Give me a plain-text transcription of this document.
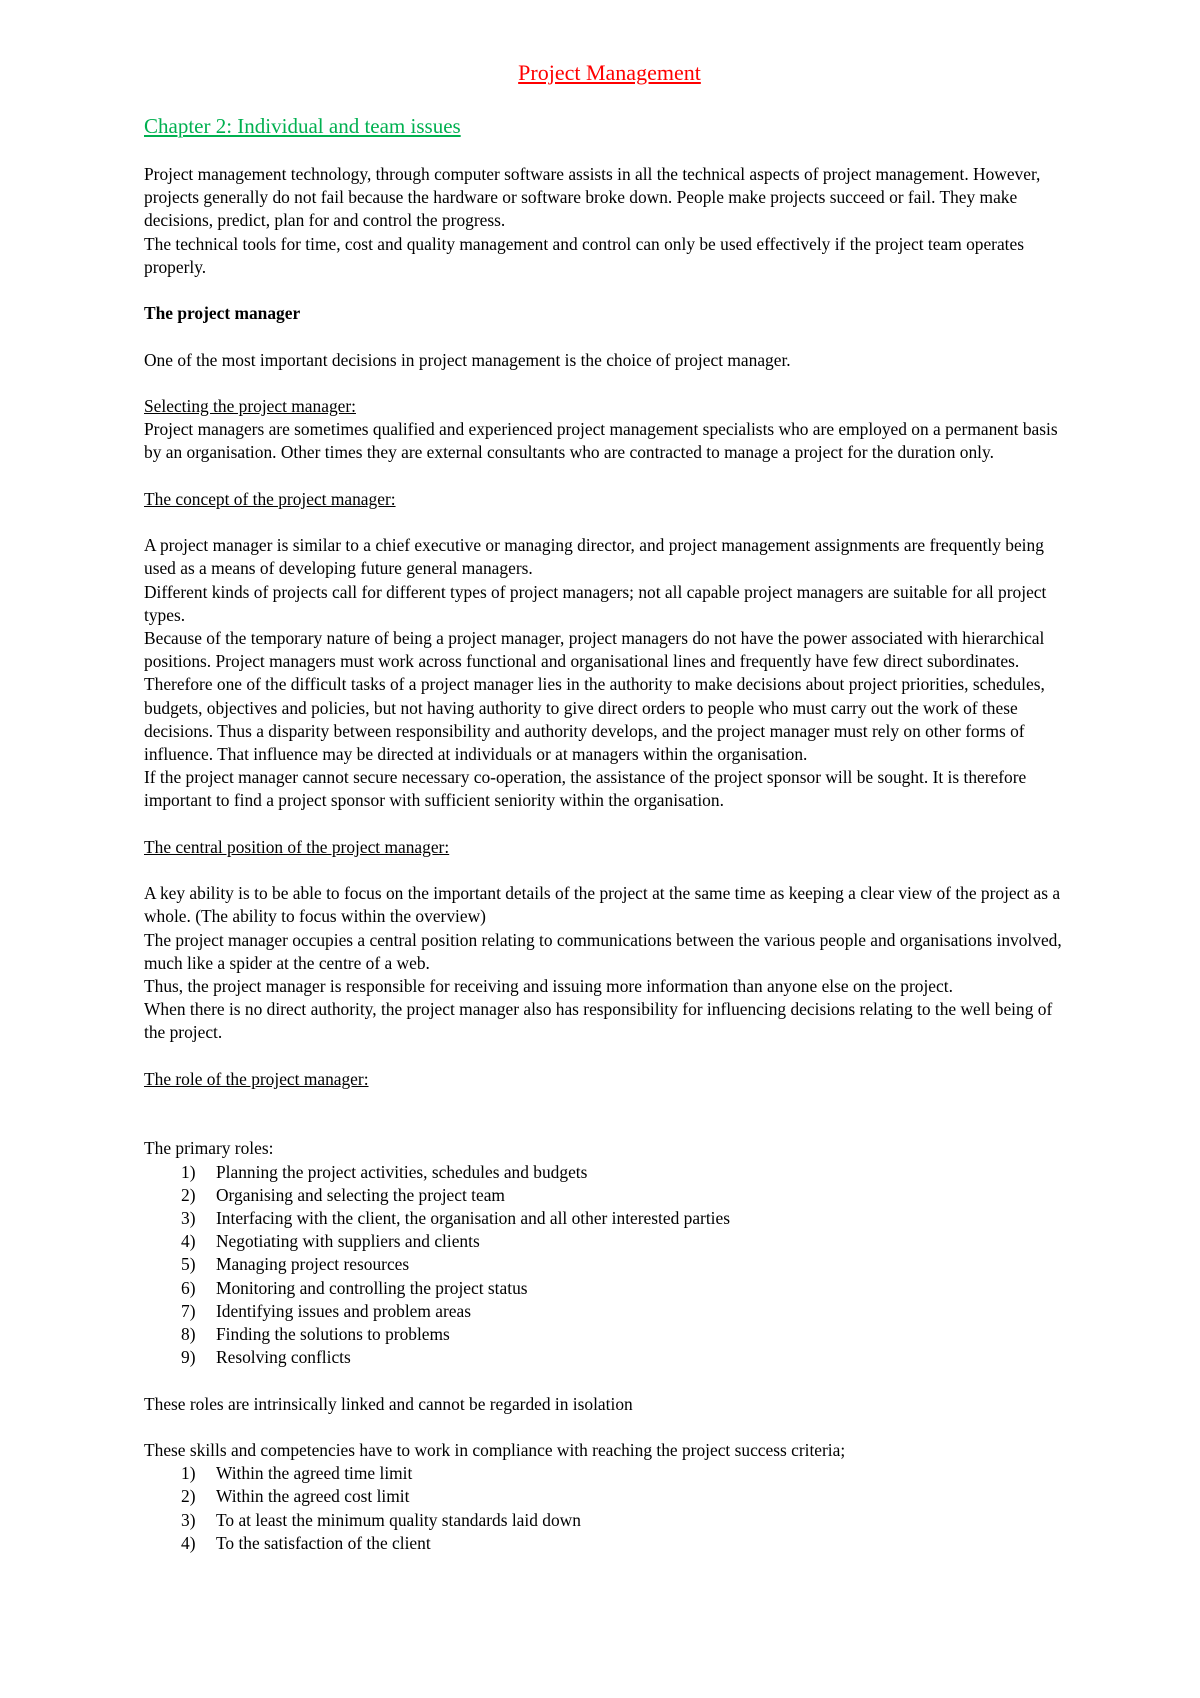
Project Management
Chapter 2: Individual and team issues

Project management technology, through computer software assists in all the technical aspects of project management. However, projects generally do not fail because the hardware or software broke down. People make projects succeed or fail. They make decisions, predict, plan for and control the progress.

The technical tools for time, cost and quality management and control can only be used effectively if the project team operates properly.

The project manager

One of the most important decisions in project management is the choice of project manager.

Selecting the project manager:

Project managers are sometimes qualified and experienced project management specialists who are employed on a permanent basis by an organisation. Other times they are external consultants who are contracted to manage a project for the duration only.

The concept of the project manager:

A project manager is similar to a chief executive or managing director, and project management assignments are frequently being used as a means of developing future general managers.

Different kinds of projects call for different types of project managers; not all capable project managers are suitable for all project types.

Because of the temporary nature of being a project manager, project managers do not have the power associated with hierarchical positions. Project managers must work across functional and organisational lines and frequently have few direct subordinates. Therefore one of the difficult tasks of a project manager lies in the authority to make decisions about project priorities, schedules, budgets, objectives and policies, but not having authority to give direct orders to people who must carry out the work of these decisions. Thus a disparity between responsibility and authority develops, and the project manager must rely on other forms of influence. That influence may be directed at individuals or at managers within the organisation.

If the project manager cannot secure necessary co-operation, the assistance of the project sponsor will be sought. It is therefore important to find a project sponsor with sufficient seniority within the organisation.

The central position of the project manager:

A key ability is to be able to focus on the important details of the project at the same time as keeping a clear view of the project as a whole. (The ability to focus within the overview)

The project manager occupies a central position relating to communications between the various people and organisations involved, much like a spider at the centre of a web.

Thus, the project manager is responsible for receiving and issuing more information than anyone else on the project.

When there is no direct authority, the project manager also has responsibility for influencing decisions relating to the well being of the project.

The role of the project manager:

The primary roles:

1) Planning the project activities, schedules and budgets
2) Organising and selecting the project team
3) Interfacing with the client, the organisation and all other interested parties
4) Negotiating with suppliers and clients
5) Managing project resources
6) Monitoring and controlling the project status
7) Identifying issues and problem areas
8) Finding the solutions to problems
9) Resolving conflicts

These roles are intrinsically linked and cannot be regarded in isolation

These skills and competencies have to work in compliance with reaching the project success criteria;

1) Within the agreed time limit
2) Within the agreed cost limit
3) To at least the minimum quality standards laid down
4) To the satisfaction of the client
